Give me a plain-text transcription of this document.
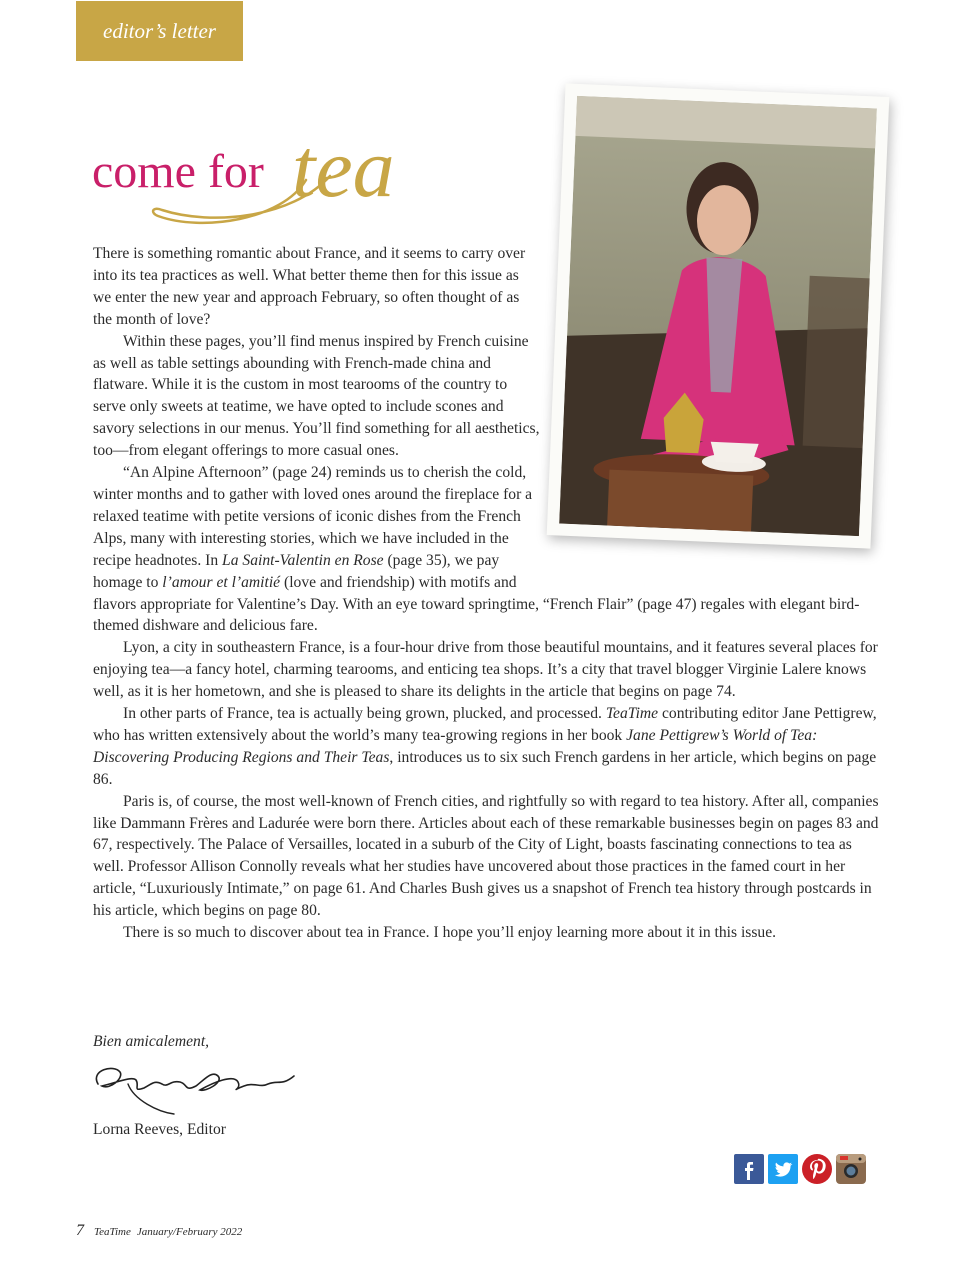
editor’s letter
come for tea

There is something romantic about France, and it seems to carry over into its tea practices as well. What better theme then for this issue as we enter the new year and approach February, so often thought of as the month of love?

Within these pages, you’ll find menus inspired by French cuisine as well as table settings abounding with French-made china and flatware. While it is the custom in most tearooms of the country to serve only sweets at teatime, we have opted to include scones and savory selections in our menus. You’ll find something for all aesthetics, too—from elegant offerings to more casual ones.

“An Alpine Afternoon” (page 24) reminds us to cherish the cold, winter months and to gather with loved ones around the fireplace for a relaxed teatime with petite versions of iconic dishes from the French Alps, many with interesting stories, which we have included in the recipe headnotes. In La Saint-Valentin en Rose (page 35), we pay homage to l’amour et l’amitié (love and friendship) with motifs and flavors appropriate for Valentine’s Day. With an eye toward springtime, “French Flair” (page 47) regales with elegant bird-themed dishware and delicious fare.

Lyon, a city in southeastern France, is a four-hour drive from those beautiful mountains, and it features several places for enjoying tea—a fancy hotel, charming tearooms, and enticing tea shops. It’s a city that travel blogger Virginie Lalere knows well, as it is her hometown, and she is pleased to share its delights in the article that begins on page 74.

In other parts of France, tea is actually being grown, plucked, and processed. TeaTime contributing editor Jane Pettigrew, who has written extensively about the world’s many tea-growing regions in her book Jane Pettigrew’s World of Tea: Discovering Producing Regions and Their Teas, introduces us to six such French gardens in her article, which begins on page 86.

Paris is, of course, the most well-known of French cities, and rightfully so with regard to tea history. After all, companies like Dammann Frères and Ladurée were born there. Articles about each of these remarkable businesses begin on pages 83 and 67, respectively. The Palace of Versailles, located in a suburb of the City of Light, boasts fascinating connections to tea as well. Professor Allison Connolly reveals what her studies have uncovered about those practices in the famed court in her article, “Luxuriously Intimate,” on page 61. And Charles Bush gives us a snapshot of French tea history through postcards in his article, which begins on page 80.

There is so much to discover about tea in France. I hope you’ll enjoy learning more about it in this issue.

Bien amicalement,
Lorna Reeves, Editor
7 TeaTime January/February 2022
